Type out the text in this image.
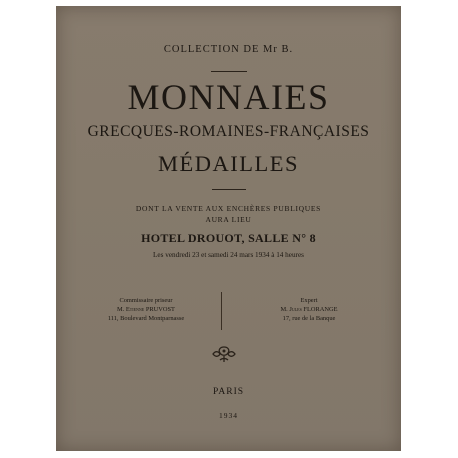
COLLECTION DE Mr B.
MONNAIES
GRECQUES-ROMAINES-FRANÇAISES
MÉDAILLES
DONT LA VENTE AUX ENCHÈRES PUBLIQUES
AURA LIEU
HOTEL DROUOT, SALLE N° 8
Les vendredi 23 et samedi 24 mars 1934 à 14 heures
Commissaire priseur
M. Etienne PRUVOST
111, Boulevard Montparnasse
Expert
M. Jules FLORANGE
17, rue de la Banque
PARIS
1934
